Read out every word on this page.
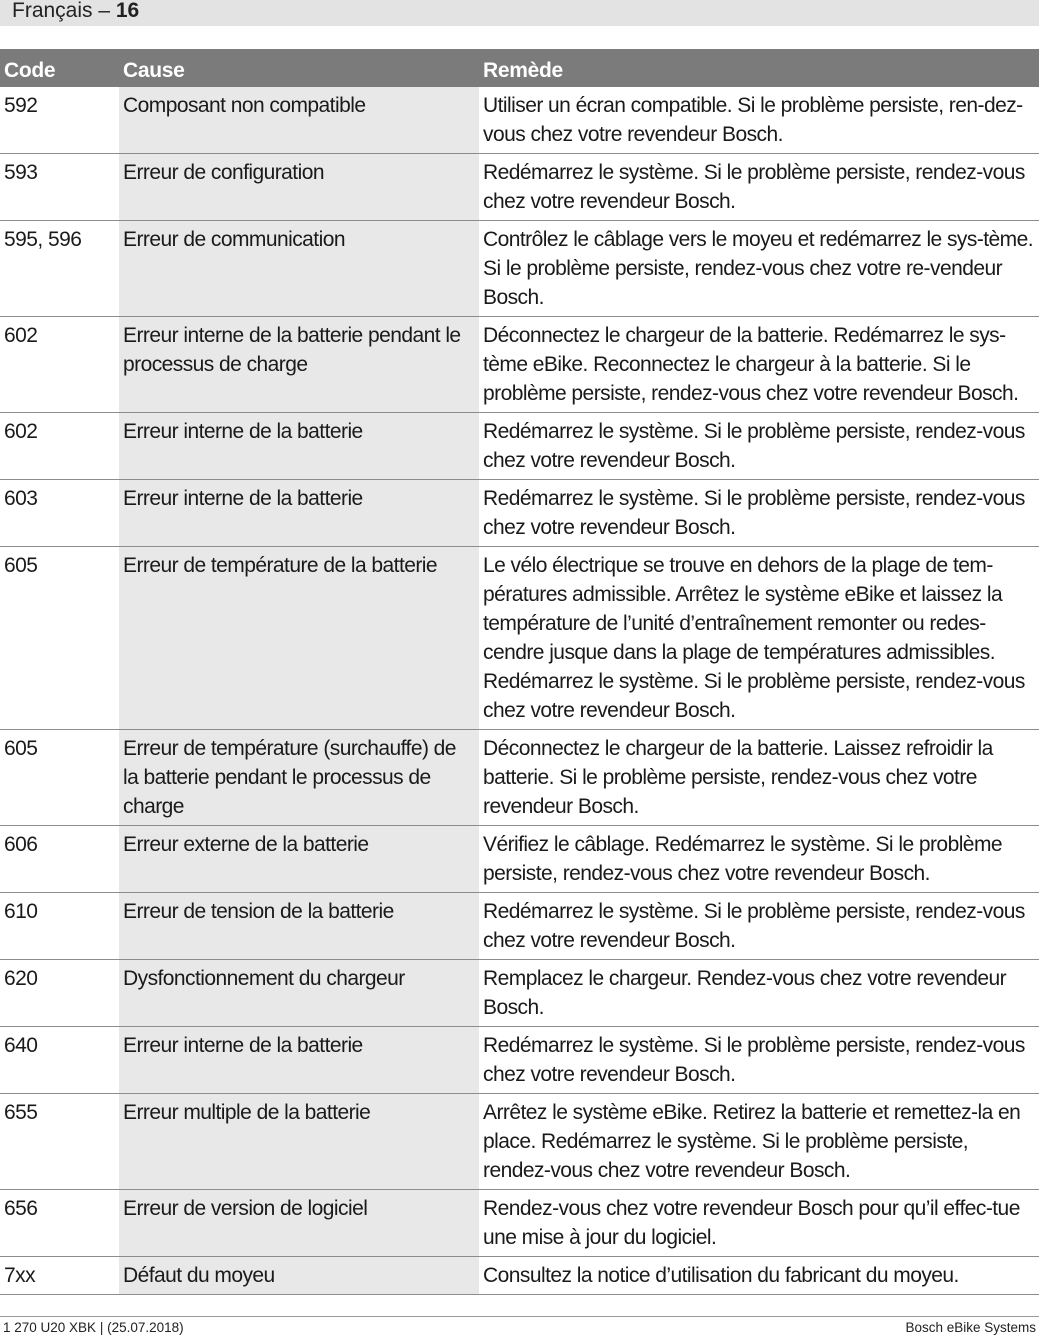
Français – 16
Code	Cause	Remède
592	Composant non compatible	Utiliser un écran compatible. Si le problème persiste, ren-dez-vous chez votre revendeur Bosch.
593	Erreur de configuration	Redémarrez le système. Si le problème persiste, rendez-vous chez votre revendeur Bosch.
595, 596	Erreur de communication	Contrôlez le câblage vers le moyeu et redémarrez le sys-tème. Si le problème persiste, rendez-vous chez votre re-vendeur Bosch.
602	Erreur interne de la batterie pendant le processus de charge	Déconnectez le chargeur de la batterie. Redémarrez le sys-tème eBike. Reconnectez le chargeur à la batterie. Si le problème persiste, rendez-vous chez votre revendeur Bosch.
602	Erreur interne de la batterie	Redémarrez le système. Si le problème persiste, rendez-vous chez votre revendeur Bosch.
603	Erreur interne de la batterie	Redémarrez le système. Si le problème persiste, rendez-vous chez votre revendeur Bosch.
605	Erreur de température de la batterie	Le vélo électrique se trouve en dehors de la plage de tem-pératures admissible. Arrêtez le système eBike et laissez la température de l’unité d’entraînement remonter ou redes-cendre jusque dans la plage de températures admissibles. Redémarrez le système. Si le problème persiste, rendez-vous chez votre revendeur Bosch.
605	Erreur de température (surchauffe) de la batterie pendant le processus de charge	Déconnectez le chargeur de la batterie. Laissez refroidir la batterie. Si le problème persiste, rendez-vous chez votre revendeur Bosch.
606	Erreur externe de la batterie	Vérifiez le câblage. Redémarrez le système. Si le problème persiste, rendez-vous chez votre revendeur Bosch.
610	Erreur de tension de la batterie	Redémarrez le système. Si le problème persiste, rendez-vous chez votre revendeur Bosch.
620	Dysfonctionnement du chargeur	Remplacez le chargeur. Rendez-vous chez votre revendeur Bosch.
640	Erreur interne de la batterie	Redémarrez le système. Si le problème persiste, rendez-vous chez votre revendeur Bosch.
655	Erreur multiple de la batterie	Arrêtez le système eBike. Retirez la batterie et remettez-la en place. Redémarrez le système. Si le problème persiste, rendez-vous chez votre revendeur Bosch.
656	Erreur de version de logiciel	Rendez-vous chez votre revendeur Bosch pour qu’il effec-tue une mise à jour du logiciel.
7xx	Défaut du moyeu	Consultez la notice d’utilisation du fabricant du moyeu.
1 270 U20 XBK | (25.07.2018)	Bosch eBike Systems
